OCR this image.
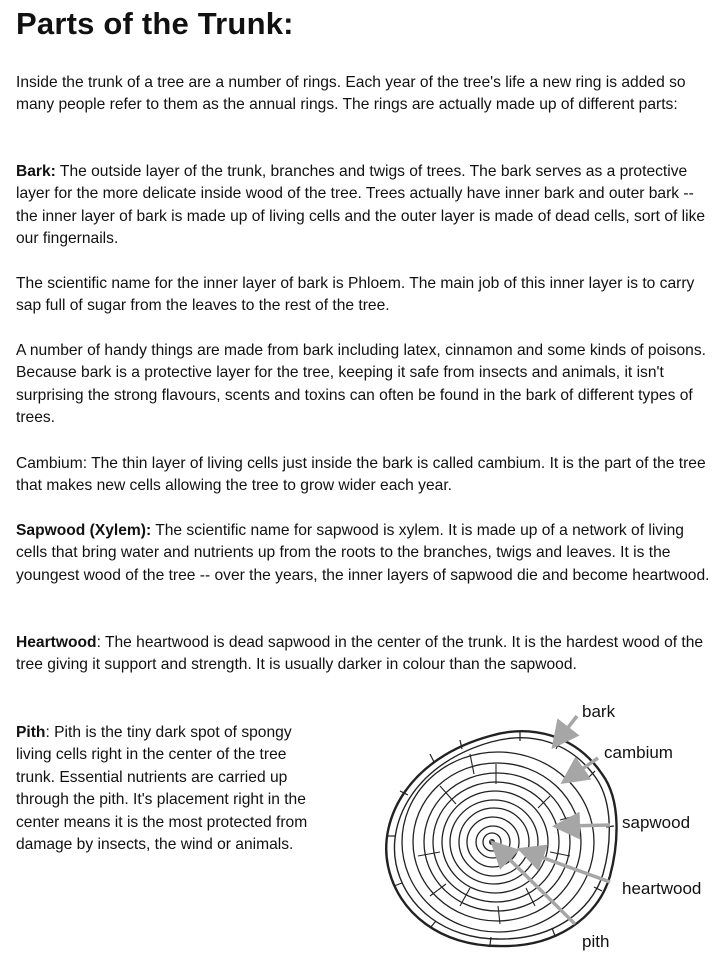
Parts of the Trunk:

Inside the trunk of a tree are a number of rings. Each year of the tree's life a new ring is added so many people refer to them as the annual rings. The rings are actually made up of different parts:

Bark: The outside layer of the trunk, branches and twigs of trees. The bark serves as a protective layer for the more delicate inside wood of the tree. Trees actually have inner bark and outer bark -- the inner layer of bark is made up of living cells and the outer layer is made of dead cells, sort of like our fingernails.

The scientific name for the inner layer of bark is Phloem. The main job of this inner layer is to carry sap full of sugar from the leaves to the rest of the tree.

A number of handy things are made from bark including latex, cinnamon and some kinds of poisons. Because bark is a protective layer for the tree, keeping it safe from insects and animals, it isn't surprising the strong flavours, scents and toxins can often be found in the bark of different types of trees.

Cambium: The thin layer of living cells just inside the bark is called cambium. It is the part of the tree that makes new cells allowing the tree to grow wider each year.

Sapwood (Xylem): The scientific name for sapwood is xylem. It is made up of a network of living cells that bring water and nutrients up from the roots to the branches, twigs and leaves. It is the youngest wood of the tree -- over the years, the inner layers of sapwood die and become heartwood.

Heartwood: The heartwood is dead sapwood in the center of the trunk. It is the hardest wood of the tree giving it support and strength. It is usually darker in colour than the sapwood.

Pith: Pith is the tiny dark spot of spongy living cells right in the center of the tree trunk. Essential nutrients are carried up through the pith. It's placement right in the center means it is the most protected from damage by insects, the wind or animals.

bark
cambium
sapwood
heartwood
pith
